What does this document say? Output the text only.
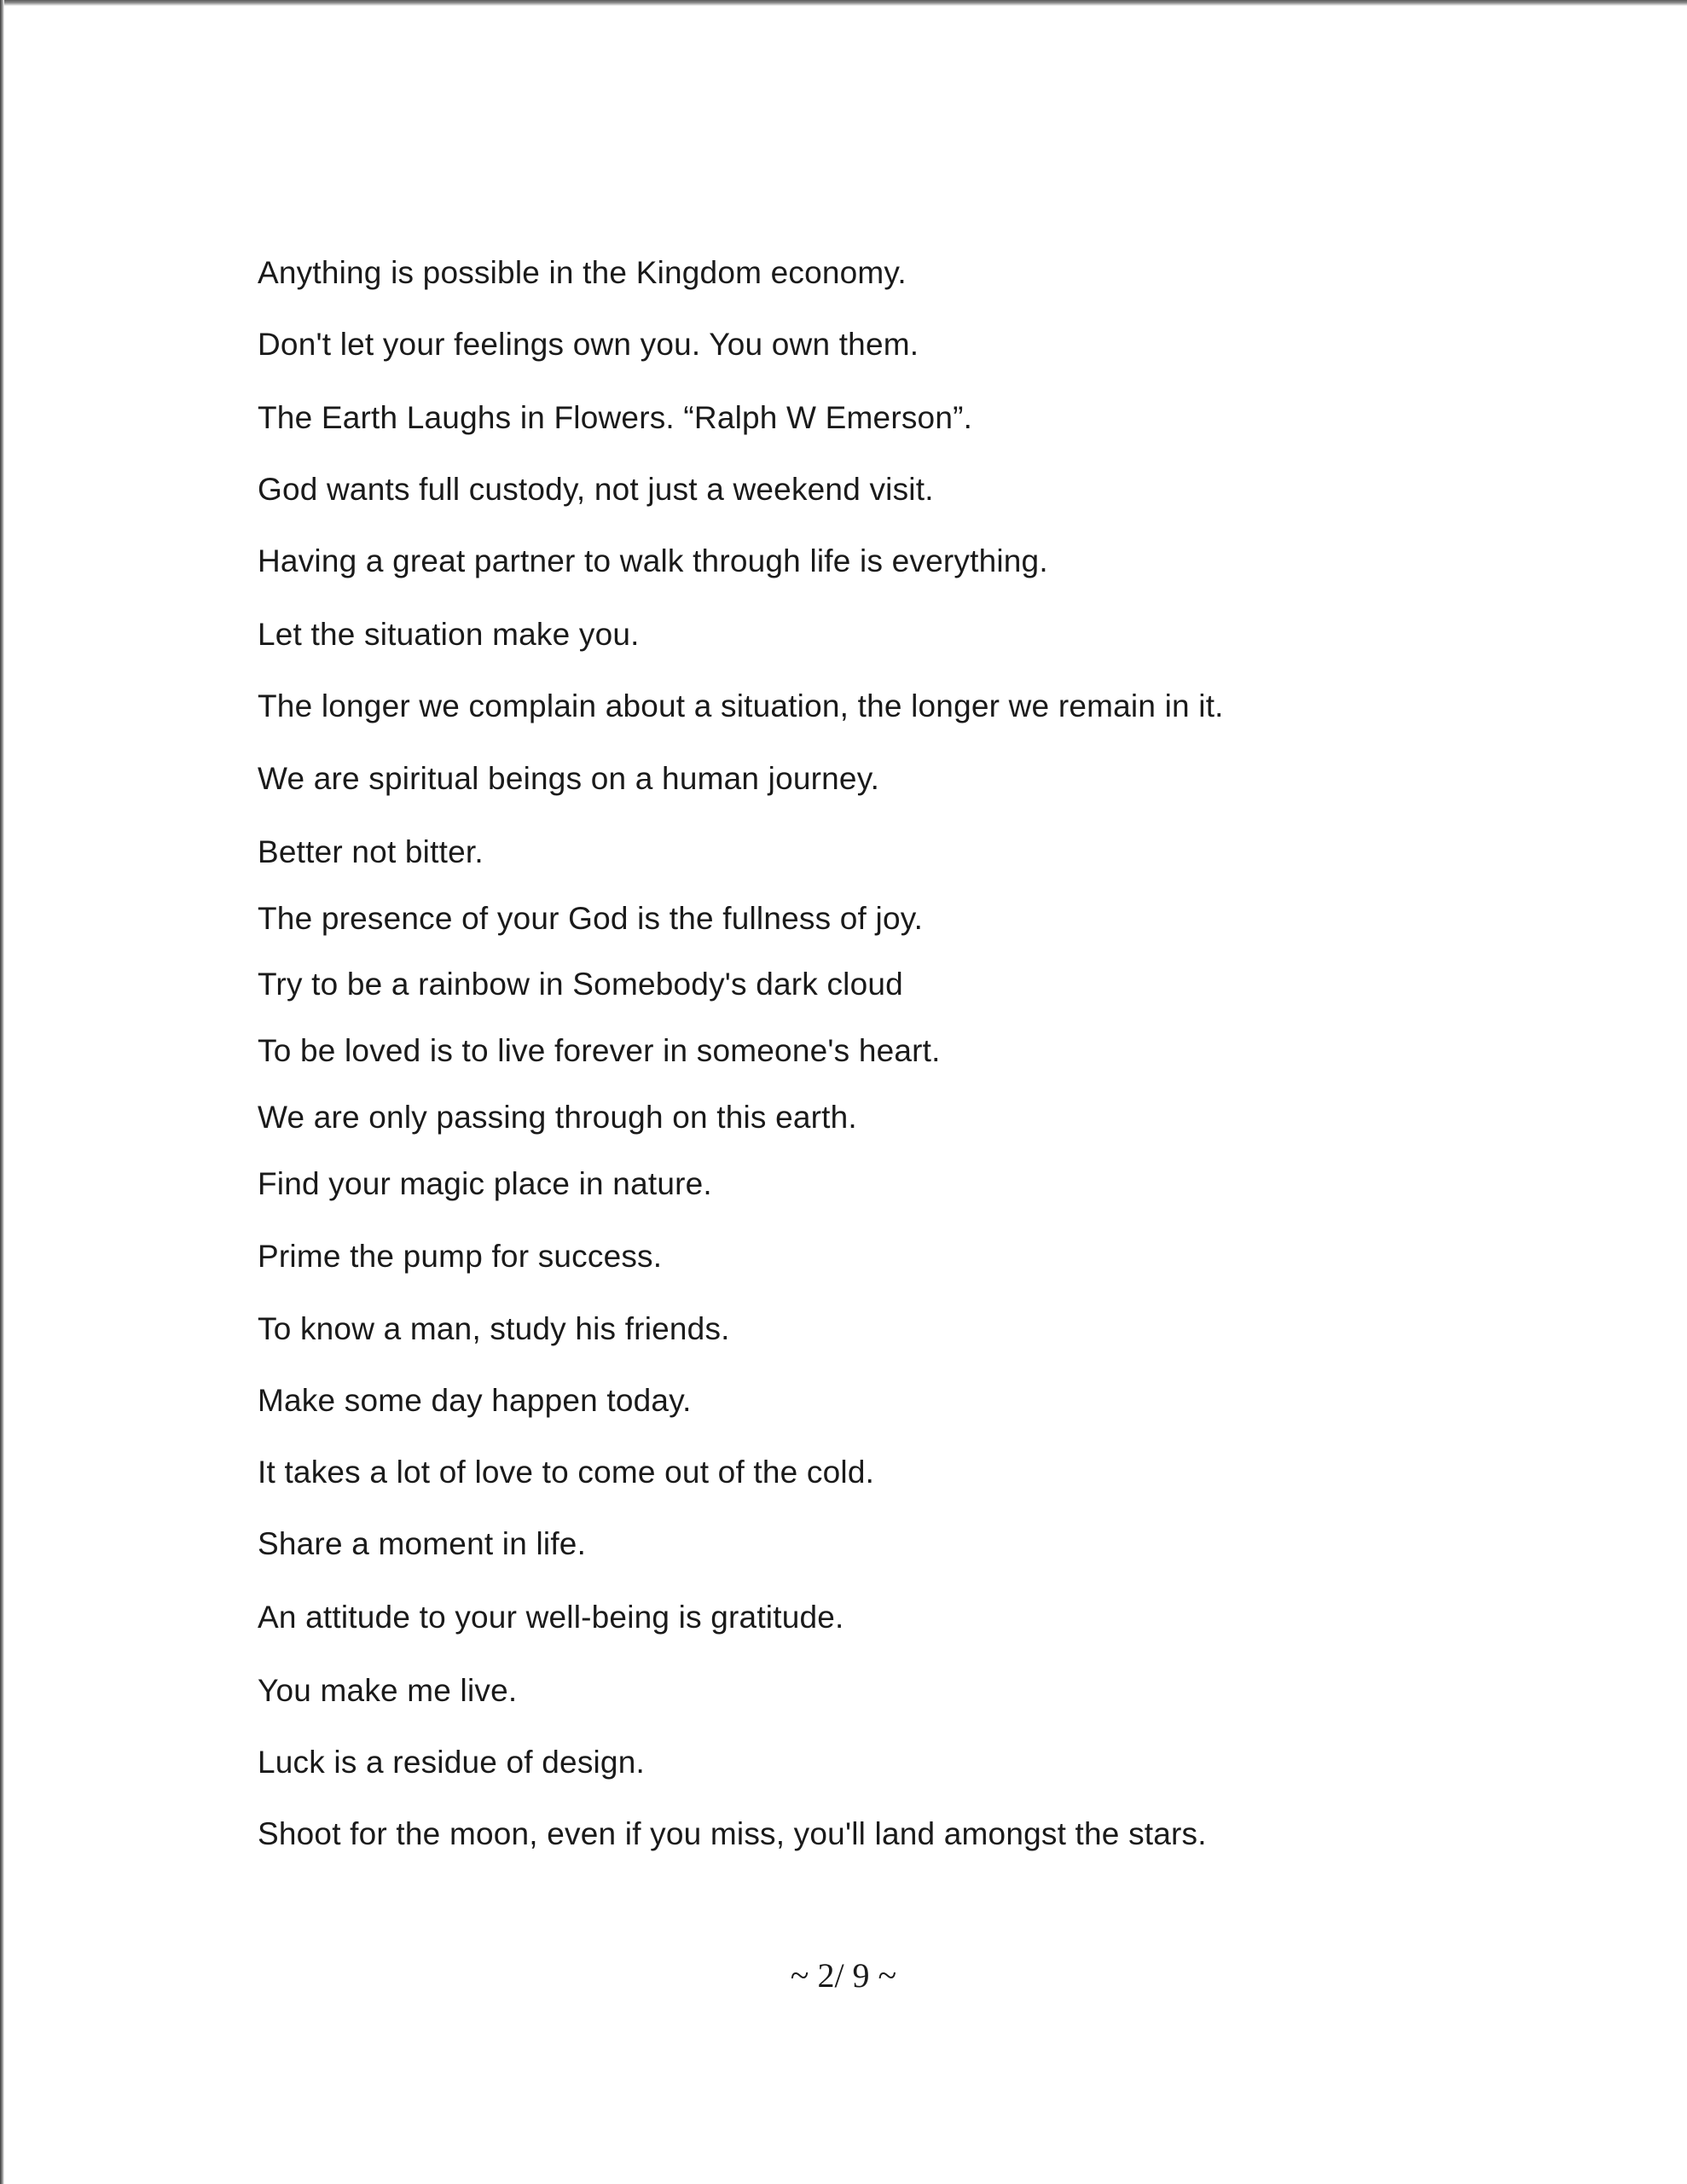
Anything is possible in the Kingdom economy.
Don't let your feelings own you. You own them.
The Earth Laughs in Flowers. “Ralph W Emerson”.
God wants full custody, not just a weekend visit.
Having a great partner to walk through life is everything.
Let the situation make you.
The longer we complain about a situation, the longer we remain in it.
We are spiritual beings on a human journey.
Better not bitter.
The presence of your God is the fullness of joy.
Try to be a rainbow in Somebody's dark cloud
To be loved is to live forever in someone's heart.
We are only passing through on this earth.
Find your magic place in nature.
Prime the pump for success.
To know a man, study his friends.
Make some day happen today.
It takes a lot of love to come out of the cold.
Share a moment in life.
An attitude to your well-being is gratitude.
You make me live.
Luck is a residue of design.
Shoot for the moon, even if you miss, you'll land amongst the stars.
~ 2/ 9 ~
